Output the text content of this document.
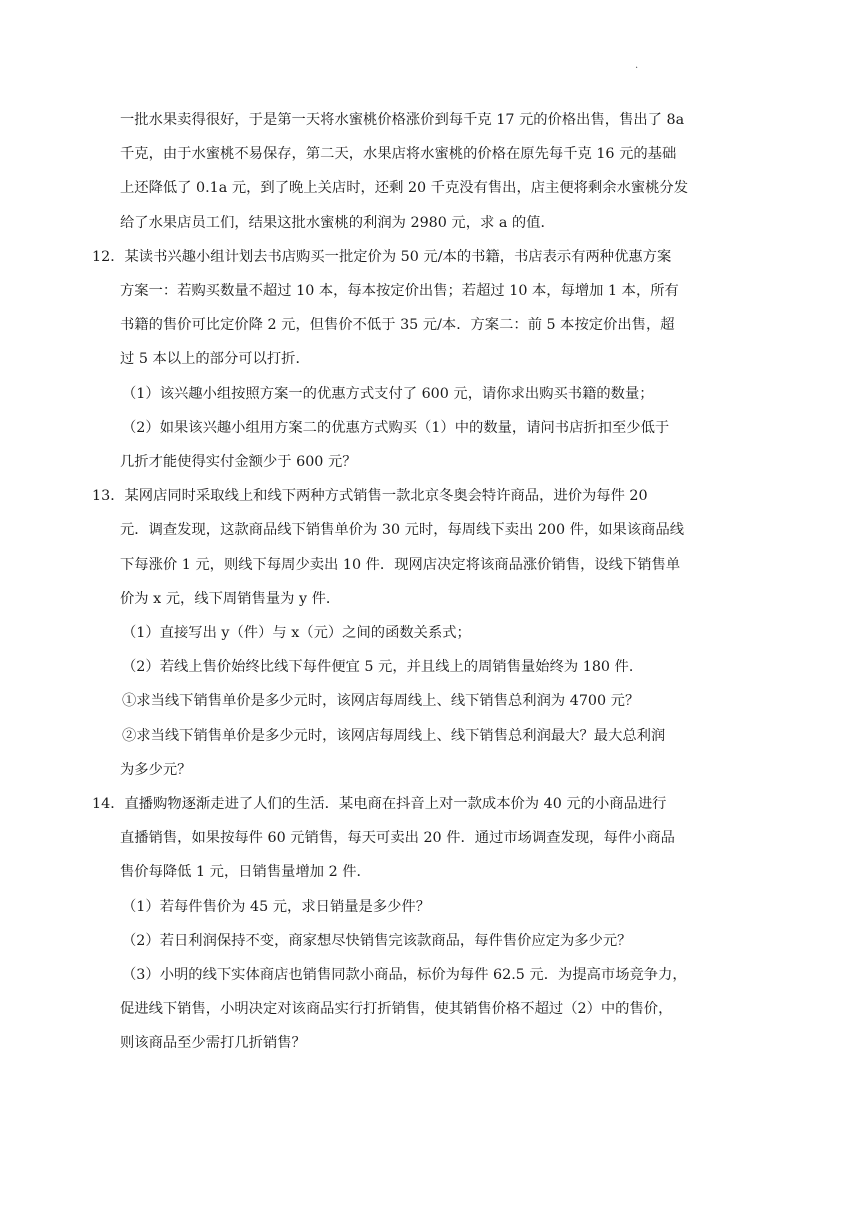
.

一批水果卖得很好，于是第一天将水蜜桃价格涨价到每千克 17 元的价格出售，售出了 8a

千克，由于水蜜桃不易保存，第二天，水果店将水蜜桃的价格在原先每千克 16 元的基础

上还降低了 0.1a 元，到了晚上关店时，还剩 20 千克没有售出，店主便将剩余水蜜桃分发

给了水果店员工们，结果这批水蜜桃的利润为 2980 元，求 a 的值．

12．某读书兴趣小组计划去书店购买一批定价为 50 元/本的书籍，书店表示有两种优惠方案

方案一：若购买数量不超过 10 本，每本按定价出售；若超过 10 本，每增加 1 本，所有

书籍的售价可比定价降 2 元，但售价不低于 35 元/本．方案二：前 5 本按定价出售，超

过 5 本以上的部分可以打折．

（1）该兴趣小组按照方案一的优惠方式支付了 600 元，请你求出购买书籍的数量；

（2）如果该兴趣小组用方案二的优惠方式购买（1）中的数量，请问书店折扣至少低于

几折才能使得实付金额少于 600 元？

13．某网店同时采取线上和线下两种方式销售一款北京冬奥会特许商品，进价为每件 20

元．调查发现，这款商品线下销售单价为 30 元时，每周线下卖出 200 件，如果该商品线

下每涨价 1 元，则线下每周少卖出 10 件．现网店决定将该商品涨价销售，设线下销售单

价为 x 元，线下周销售量为 y 件．

（1）直接写出 y（件）与 x（元）之间的函数关系式；

（2）若线上售价始终比线下每件便宜 5 元，并且线上的周销售量始终为 180 件．

①求当线下销售单价是多少元时，该网店每周线上、线下销售总利润为 4700 元？

②求当线下销售单价是多少元时，该网店每周线上、线下销售总利润最大？最大总利润

为多少元？

14．直播购物逐渐走进了人们的生活．某电商在抖音上对一款成本价为 40 元的小商品进行

直播销售，如果按每件 60 元销售，每天可卖出 20 件．通过市场调查发现，每件小商品

售价每降低 1 元，日销售量增加 2 件．

（1）若每件售价为 45 元，求日销量是多少件？

（2）若日利润保持不变，商家想尽快销售完该款商品，每件售价应定为多少元？

（3）小明的线下实体商店也销售同款小商品，标价为每件 62.5 元．为提高市场竞争力，

促进线下销售，小明决定对该商品实行打折销售，使其销售价格不超过（2）中的售价，

则该商品至少需打几折销售？
